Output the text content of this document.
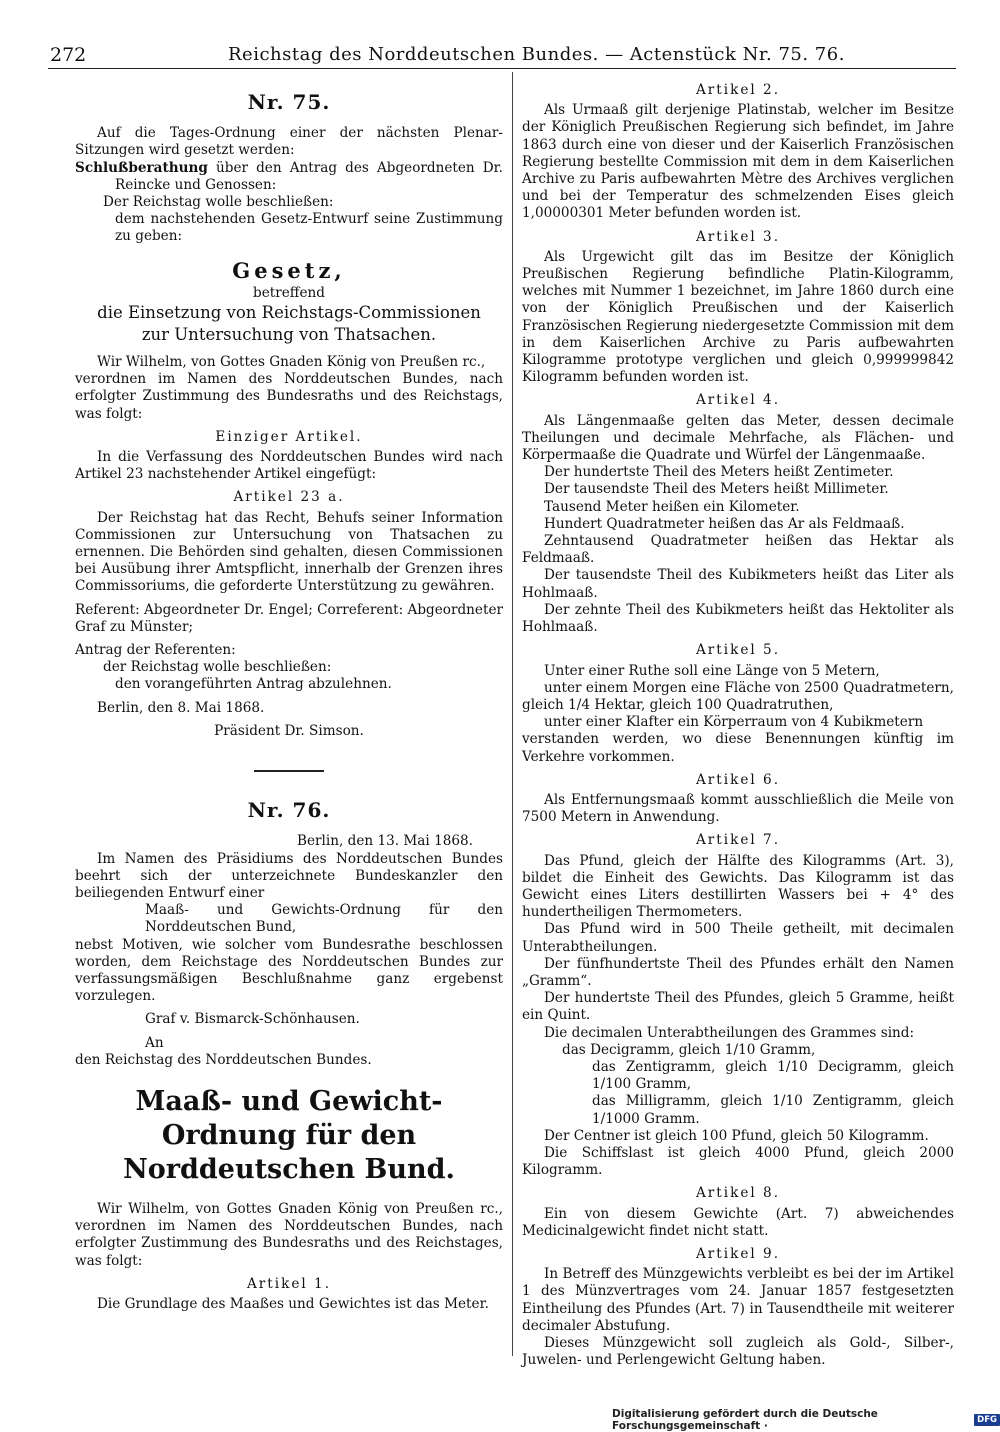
272	Reichstag des Norddeutschen Bundes. — Actenstück Nr. 75. 76.
Nr. 75.

Auf die Tages-Ordnung einer der nächsten Plenar-Sitzungen wird gesetzt werden:

Schlußberathung über den Antrag des Abgeordneten Dr. Reincke und Genossen:

Der Reichstag wolle beschließen:

dem nachstehenden Gesetz-Entwurf seine Zustimmung zu geben:

Gesetz,
betreffend
die Einsetzung von Reichstags-Commissionen
zur Untersuchung von Thatsachen.

Wir Wilhelm, von Gottes Gnaden König von Preußen rc.,

verordnen im Namen des Norddeutschen Bundes, nach erfolgter Zustimmung des Bundesraths und des Reichstags, was folgt:

Einziger Artikel.

In die Verfassung des Norddeutschen Bundes wird nach Artikel 23 nachstehender Artikel eingefügt:

Artikel 23 a.

Der Reichstag hat das Recht, Behufs seiner Information Commissionen zur Untersuchung von Thatsachen zu ernennen. Die Behörden sind gehalten, diesen Commissionen bei Ausübung ihrer Amtspflicht, innerhalb der Grenzen ihres Commissoriums, die geforderte Unterstützung zu gewähren.

Referent: Abgeordneter Dr. Engel; Correferent: Abgeordneter Graf zu Münster;

Antrag der Referenten:

der Reichstag wolle beschließen:

den vorangeführten Antrag abzulehnen.

Berlin, den 8. Mai 1868.

Präsident Dr. Simson.

Nr. 76.

Berlin, den 13. Mai 1868.

Im Namen des Präsidiums des Norddeutschen Bundes beehrt sich der unterzeichnete Bundeskanzler den beiliegenden Entwurf einer

Maaß- und Gewichts-Ordnung für den Norddeutschen Bund,

nebst Motiven, wie solcher vom Bundesrathe beschlossen worden, dem Reichstage des Norddeutschen Bundes zur verfassungsmäßigen Beschlußnahme ganz ergebenst vorzulegen.

Graf v. Bismarck-Schönhausen.

An

den Reichstag des Norddeutschen Bundes.

Maaß- und Gewicht-Ordnung für den Norddeutschen Bund.

Wir Wilhelm, von Gottes Gnaden König von Preußen rc., verordnen im Namen des Norddeutschen Bundes, nach erfolgter Zustimmung des Bundesraths und des Reichstages, was folgt:

Artikel 1.

Die Grundlage des Maaßes und Gewichtes ist das Meter.

Artikel 2.

Als Urmaaß gilt derjenige Platinstab, welcher im Besitze der Königlich Preußischen Regierung sich befindet, im Jahre 1863 durch eine von dieser und der Kaiserlich Französischen Regierung bestellte Commission mit dem in dem Kaiserlichen Archive zu Paris aufbewahrten Mètre des Archives verglichen und bei der Temperatur des schmelzenden Eises gleich 1,00000301 Meter befunden worden ist.

Artikel 3.

Als Urgewicht gilt das im Besitze der Königlich Preußischen Regierung befindliche Platin-Kilogramm, welches mit Nummer 1 bezeichnet, im Jahre 1860 durch eine von der Königlich Preußischen und der Kaiserlich Französischen Regierung niedergesetzte Commission mit dem in dem Kaiserlichen Archive zu Paris aufbewahrten Kilogramme prototype verglichen und gleich 0,999999842 Kilogramm befunden worden ist.

Artikel 4.

Als Längenmaaße gelten das Meter, dessen decimale Theilungen und decimale Mehrfache, als Flächen- und Körpermaaße die Quadrate und Würfel der Längenmaaße.

Der hundertste Theil des Meters heißt Zentimeter.

Der tausendste Theil des Meters heißt Millimeter.

Tausend Meter heißen ein Kilometer.

Hundert Quadratmeter heißen das Ar als Feldmaaß.

Zehntausend Quadratmeter heißen das Hektar als Feldmaaß.

Der tausendste Theil des Kubikmeters heißt das Liter als Hohlmaaß.

Der zehnte Theil des Kubikmeters heißt das Hektoliter als Hohlmaaß.

Artikel 5.

Unter einer Ruthe soll eine Länge von 5 Metern,

unter einem Morgen eine Fläche von 2500 Quadratmetern, gleich 1/4 Hektar, gleich 100 Quadratruthen,

unter einer Klafter ein Körperraum von 4 Kubikmetern

verstanden werden, wo diese Benennungen künftig im Verkehre vorkommen.

Artikel 6.

Als Entfernungsmaaß kommt ausschließlich die Meile von 7500 Metern in Anwendung.

Artikel 7.

Das Pfund, gleich der Hälfte des Kilogramms (Art. 3), bildet die Einheit des Gewichts. Das Kilogramm ist das Gewicht eines Liters destillirten Wassers bei + 4° des hundertheiligen Thermometers.

Das Pfund wird in 500 Theile getheilt, mit decimalen Unterabtheilungen.

Der fünfhundertste Theil des Pfundes erhält den Namen „Gramm“.

Der hundertste Theil des Pfundes, gleich 5 Gramme, heißt ein Quint.

Die decimalen Unterabtheilungen des Grammes sind:

das Decigramm, gleich 1/10 Gramm,

das Zentigramm, gleich 1/10 Decigramm, gleich 1/100 Gramm,

das Milligramm, gleich 1/10 Zentigramm, gleich 1/1000 Gramm.

Der Centner ist gleich 100 Pfund, gleich 50 Kilogramm.

Die Schiffslast ist gleich 4000 Pfund, gleich 2000 Kilogramm.

Artikel 8.

Ein von diesem Gewichte (Art. 7) abweichendes Medicinalgewicht findet nicht statt.

Artikel 9.

In Betreff des Münzgewichts verbleibt es bei der im Artikel 1 des Münzvertrages vom 24. Januar 1857 festgesetzten Eintheilung des Pfundes (Art. 7) in Tausendtheile mit weiterer decimaler Abstufung.

Dieses Münzgewicht soll zugleich als Gold-, Silber-, Juwelen- und Perlengewicht Geltung haben.

Digitalisierung gefördert durch die Deutsche Forschungsgemeinschaft ·	DFG
